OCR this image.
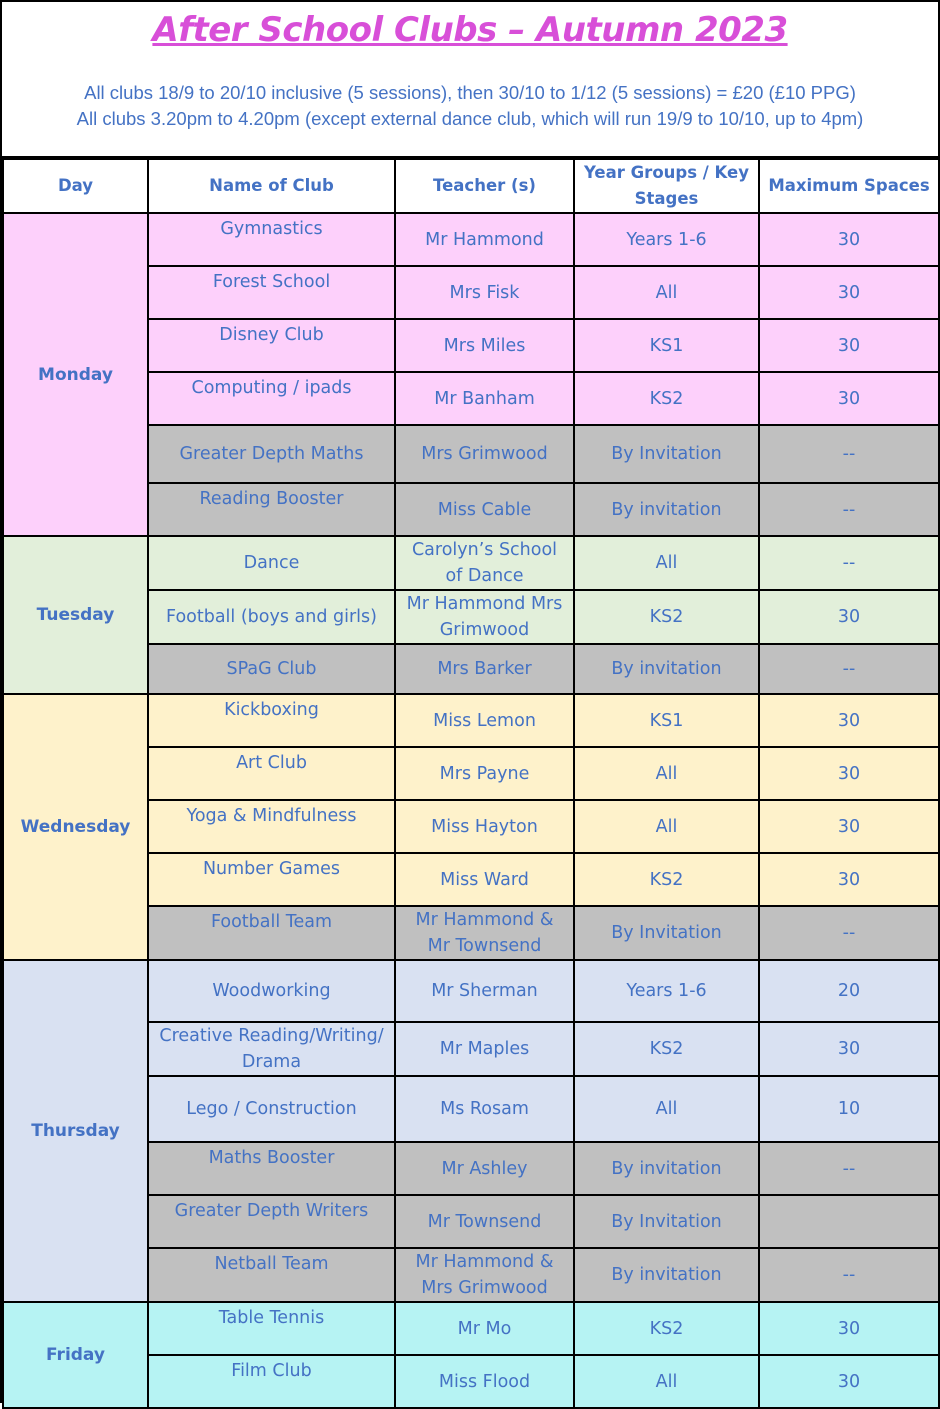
After School Clubs – Autumn 2023
All clubs 18/9 to 20/10 inclusive (5 sessions), then 30/10 to 1/12 (5 sessions) = £20 (£10 PPG)
All clubs 3.20pm to 4.20pm (except external dance club, which will run 19/9 to 10/10, up to 4pm)
Day	Name of Club	Teacher (s)	Year Groups / Key Stages	Maximum Spaces
Monday	Gymnastics	Mr Hammond	Years 1-6	30
	Forest School	Mrs Fisk	All	30
	Disney Club	Mrs Miles	KS1	30
	Computing / ipads	Mr Banham	KS2	30
	Greater Depth Maths	Mrs Grimwood	By Invitation	--
	Reading Booster	Miss Cable	By invitation	--
Tuesday	Dance	Carolyn’s School of Dance	All	--
	Football (boys and girls)	Mr Hammond Mrs Grimwood	KS2	30
	SPaG Club	Mrs Barker	By invitation	--
Wednesday	Kickboxing	Miss Lemon	KS1	30
	Art Club	Mrs Payne	All	30
	Yoga & Mindfulness	Miss Hayton	All	30
	Number Games	Miss Ward	KS2	30
	Football Team	Mr Hammond & Mr Townsend	By Invitation	--
Thursday	Woodworking	Mr Sherman	Years 1-6	20
	Creative Reading/Writing/ Drama	Mr Maples	KS2	30
	Lego / Construction	Ms Rosam	All	10
	Maths Booster	Mr Ashley	By invitation	--
	Greater Depth Writers	Mr Townsend	By Invitation	
	Netball Team	Mr Hammond & Mrs Grimwood	By invitation	--
Friday	Table Tennis	Mr Mo	KS2	30
	Film Club	Miss Flood	All	30
